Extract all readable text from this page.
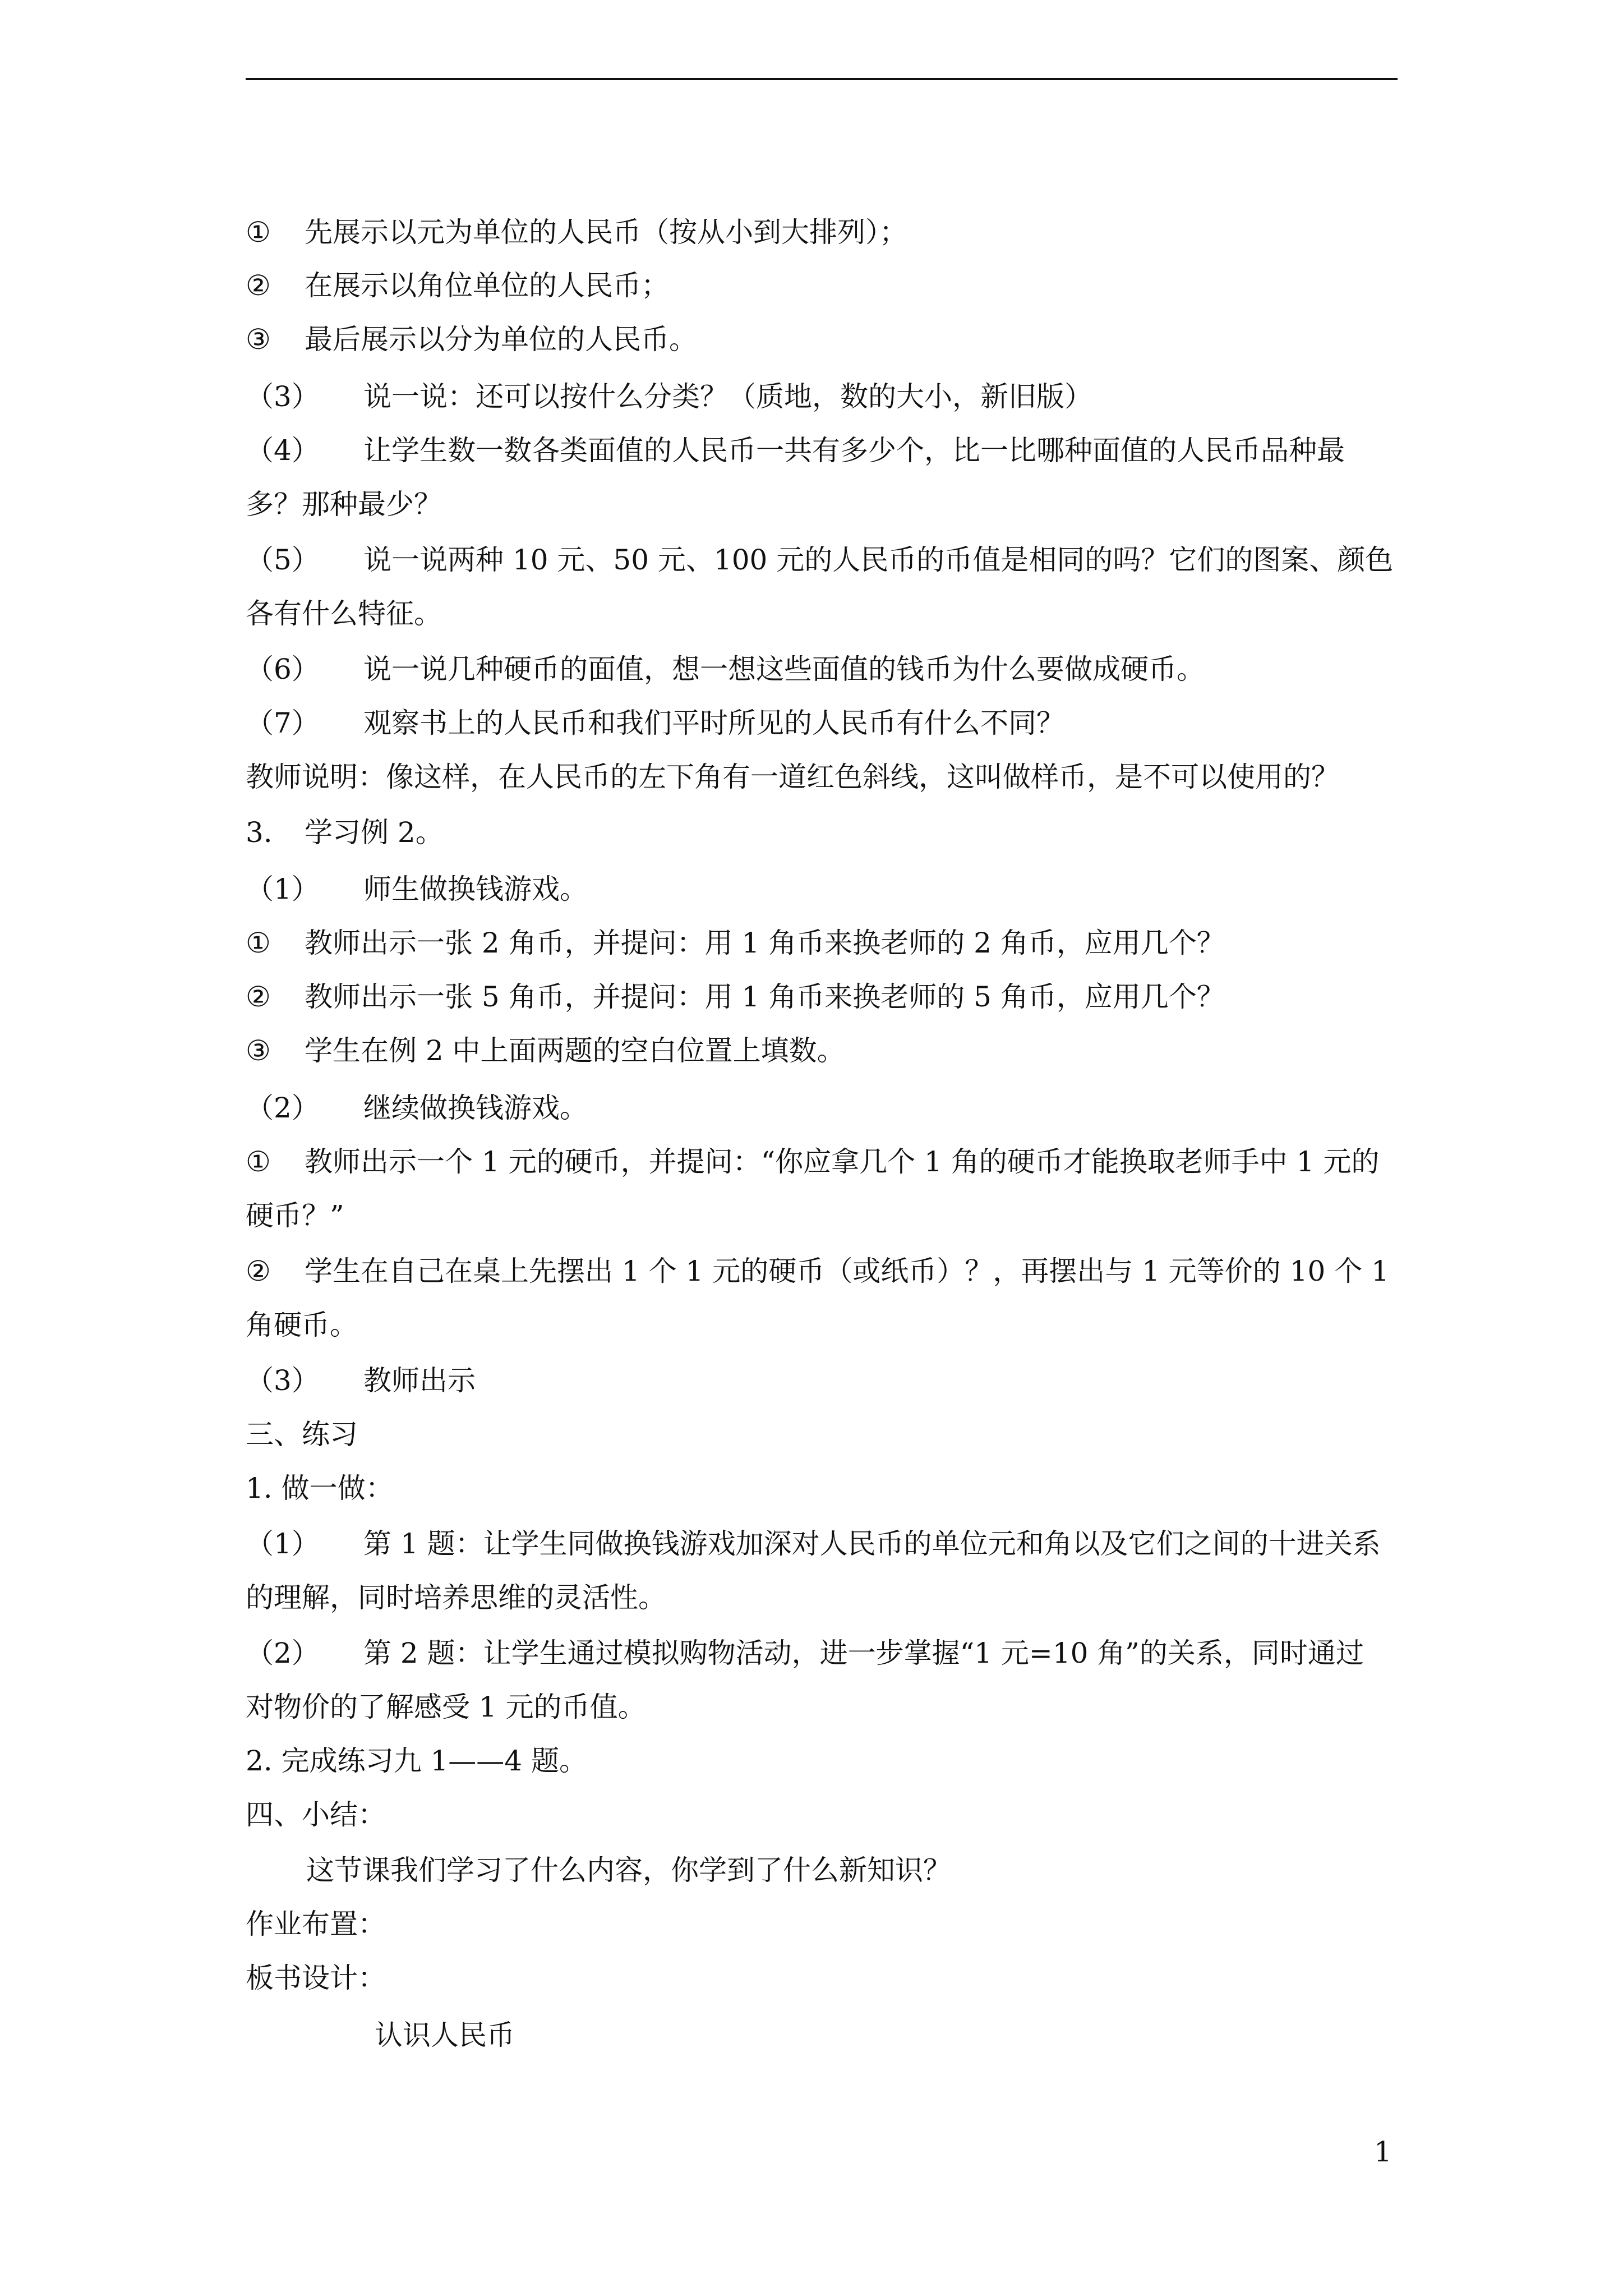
① 先展示以元为单位的人民币（按从小到大排列）；
② 在展示以角位单位的人民币；
③ 最后展示以分为单位的人民币。
（3） 说一说：还可以按什么分类？（质地，数的大小，新旧版）
（4） 让学生数一数各类面值的人民币一共有多少个，比一比哪种面值的人民币品种最
多？那种最少？
（5） 说一说两种 10 元、50 元、100 元的人民币的币值是相同的吗？它们的图案、颜色
各有什么特征。
（6） 说一说几种硬币的面值，想一想这些面值的钱币为什么要做成硬币。
（7） 观察书上的人民币和我们平时所见的人民币有什么不同？
教师说明：像这样，在人民币的左下角有一道红色斜线，这叫做样币，是不可以使用的？
3. 学习例 2。
（1） 师生做换钱游戏。
① 教师出示一张 2 角币，并提问：用 1 角币来换老师的 2 角币，应用几个？
② 教师出示一张 5 角币，并提问：用 1 角币来换老师的 5 角币，应用几个？
③ 学生在例 2 中上面两题的空白位置上填数。
（2） 继续做换钱游戏。
① 教师出示一个 1 元的硬币，并提问：“你应拿几个 1 角的硬币才能换取老师手中 1 元的
硬币？”
② 学生在自己在桌上先摆出 1 个 1 元的硬币（或纸币）？，再摆出与 1 元等价的 10 个 1
角硬币。
（3） 教师出示
三、练习
1. 做一做：
（1） 第 1 题：让学生同做换钱游戏加深对人民币的单位元和角以及它们之间的十进关系
的理解，同时培养思维的灵活性。
（2） 第 2 题：让学生通过模拟购物活动，进一步掌握“1 元=10 角”的关系，同时通过
对物价的了解感受 1 元的币值。
2. 完成练习九 1——4 题。
四、小结：
这节课我们学习了什么内容，你学到了什么新知识？
作业布置：
板书设计：
认识人民币
1
